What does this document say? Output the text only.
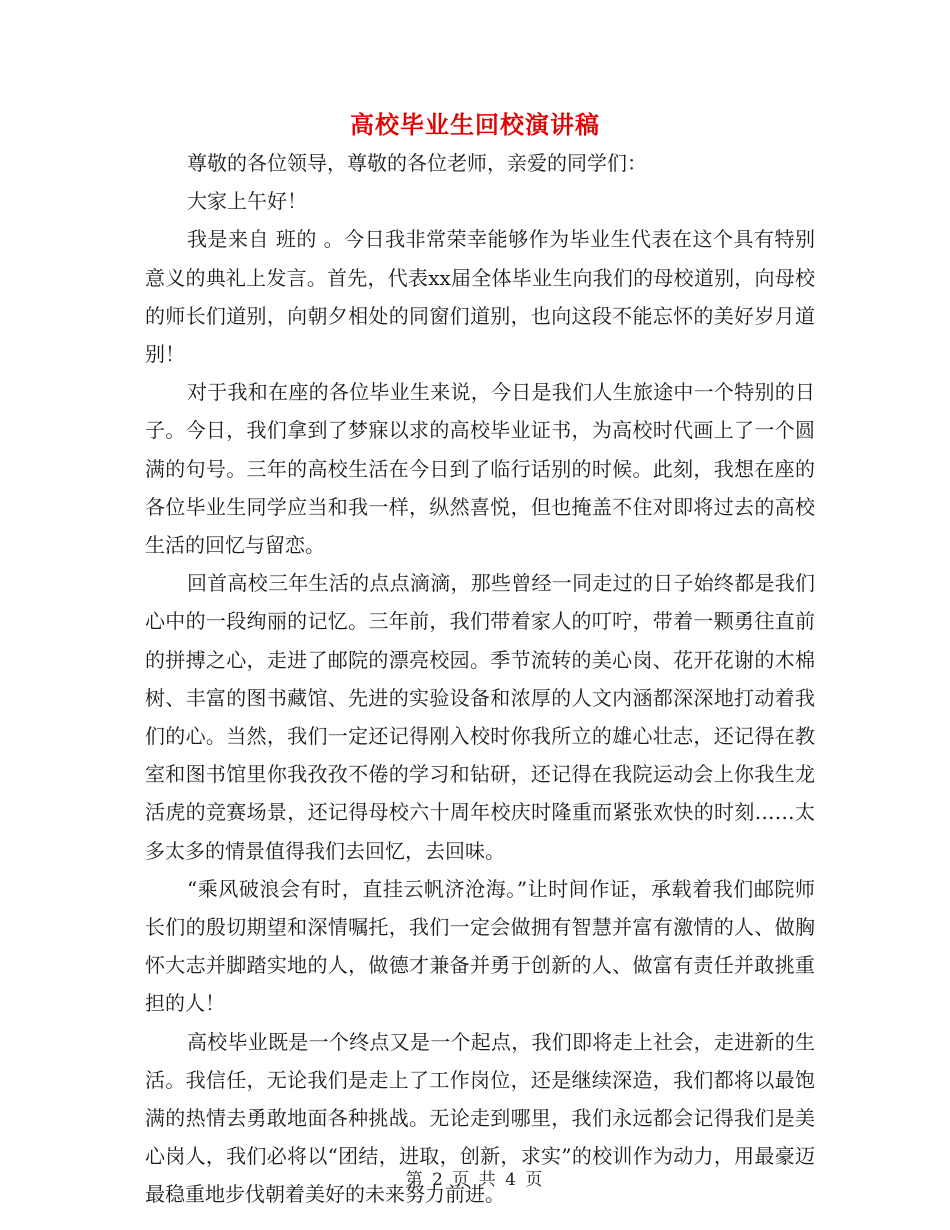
高校毕业生回校演讲稿

尊敬的各位领导，尊敬的各位老师，亲爱的同学们：

大家上午好！

我是来自 班的 。今日我非常荣幸能够作为毕业生代表在这个具有特别意义的典礼上发言。首先，代表xx届全体毕业生向我们的母校道别，向母校的师长们道别，向朝夕相处的同窗们道别，也向这段不能忘怀的美好岁月道别！

对于我和在座的各位毕业生来说，今日是我们人生旅途中一个特别的日子。今日，我们拿到了梦寐以求的高校毕业证书，为高校时代画上了一个圆满的句号。三年的高校生活在今日到了临行话别的时候。此刻，我想在座的各位毕业生同学应当和我一样，纵然喜悦，但也掩盖不住对即将过去的高校生活的回忆与留恋。

回首高校三年生活的点点滴滴，那些曾经一同走过的日子始终都是我们心中的一段绚丽的记忆。三年前，我们带着家人的叮咛，带着一颗勇往直前的拼搏之心，走进了邮院的漂亮校园。季节流转的美心岗、花开花谢的木棉树、丰富的图书藏馆、先进的实验设备和浓厚的人文内涵都深深地打动着我们的心。当然，我们一定还记得刚入校时你我所立的雄心壮志，还记得在教室和图书馆里你我孜孜不倦的学习和钻研，还记得在我院运动会上你我生龙活虎的竞赛场景，还记得母校六十周年校庆时隆重而紧张欢快的时刻……太多太多的情景值得我们去回忆，去回味。

“乘风破浪会有时，直挂云帆济沧海。”让时间作证，承载着我们邮院师长们的殷切期望和深情嘱托，我们一定会做拥有智慧并富有激情的人、做胸怀大志并脚踏实地的人，做德才兼备并勇于创新的人、做富有责任并敢挑重担的人！

高校毕业既是一个终点又是一个起点，我们即将走上社会，走进新的生活。我信任，无论我们是走上了工作岗位，还是继续深造，我们都将以最饱满的热情去勇敢地面各种挑战。无论走到哪里，我们永远都会记得我们是美心岗人，我们必将以“团结，进取，创新，求实”的校训作为动力，用最豪迈最稳重地步伐朝着美好的未来努力前进。

第 2 页 共 4 页
